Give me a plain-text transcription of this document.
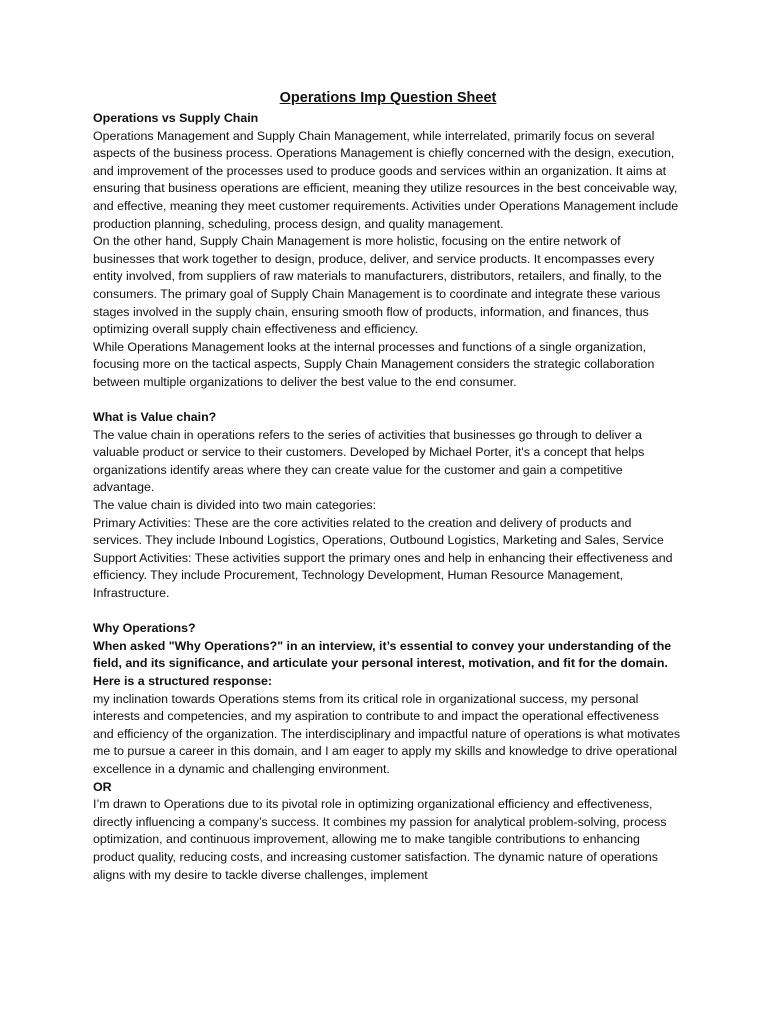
Operations Imp Question Sheet

Operations vs Supply Chain

Operations Management and Supply Chain Management, while interrelated, primarily focus on several aspects of the business process. Operations Management is chiefly concerned with the design, execution, and improvement of the processes used to produce goods and services within an organization. It aims at ensuring that business operations are efficient, meaning they utilize resources in the best conceivable way, and effective, meaning they meet customer requirements. Activities under Operations Management include production planning, scheduling, process design, and quality management.

On the other hand, Supply Chain Management is more holistic, focusing on the entire network of businesses that work together to design, produce, deliver, and service products. It encompasses every entity involved, from suppliers of raw materials to manufacturers, distributors, retailers, and finally, to the consumers. The primary goal of Supply Chain Management is to coordinate and integrate these various stages involved in the supply chain, ensuring smooth flow of products, information, and finances, thus optimizing overall supply chain effectiveness and efficiency.

While Operations Management looks at the internal processes and functions of a single organization, focusing more on the tactical aspects, Supply Chain Management considers the strategic collaboration between multiple organizations to deliver the best value to the end consumer.

What is Value chain?

The value chain in operations refers to the series of activities that businesses go through to deliver a valuable product or service to their customers. Developed by Michael Porter, it's a concept that helps organizations identify areas where they can create value for the customer and gain a competitive advantage.

The value chain is divided into two main categories:

Primary Activities: These are the core activities related to the creation and delivery of products and services. They include Inbound Logistics, Operations, Outbound Logistics, Marketing and Sales, Service

Support Activities: These activities support the primary ones and help in enhancing their effectiveness and efficiency. They include Procurement, Technology Development, Human Resource Management, Infrastructure.

Why Operations?

When asked "Why Operations?" in an interview, it’s essential to convey your understanding of the field, and its significance, and articulate your personal interest, motivation, and fit for the domain. Here is a structured response:

my inclination towards Operations stems from its critical role in organizational success, my personal interests and competencies, and my aspiration to contribute to and impact the operational effectiveness and efficiency of the organization. The interdisciplinary and impactful nature of operations is what motivates me to pursue a career in this domain, and I am eager to apply my skills and knowledge to drive operational excellence in a dynamic and challenging environment.

OR

I’m drawn to Operations due to its pivotal role in optimizing organizational efficiency and effectiveness, directly influencing a company’s success. It combines my passion for analytical problem-solving, process optimization, and continuous improvement, allowing me to make tangible contributions to enhancing product quality, reducing costs, and increasing customer satisfaction. The dynamic nature of operations aligns with my desire to tackle diverse challenges, implement
